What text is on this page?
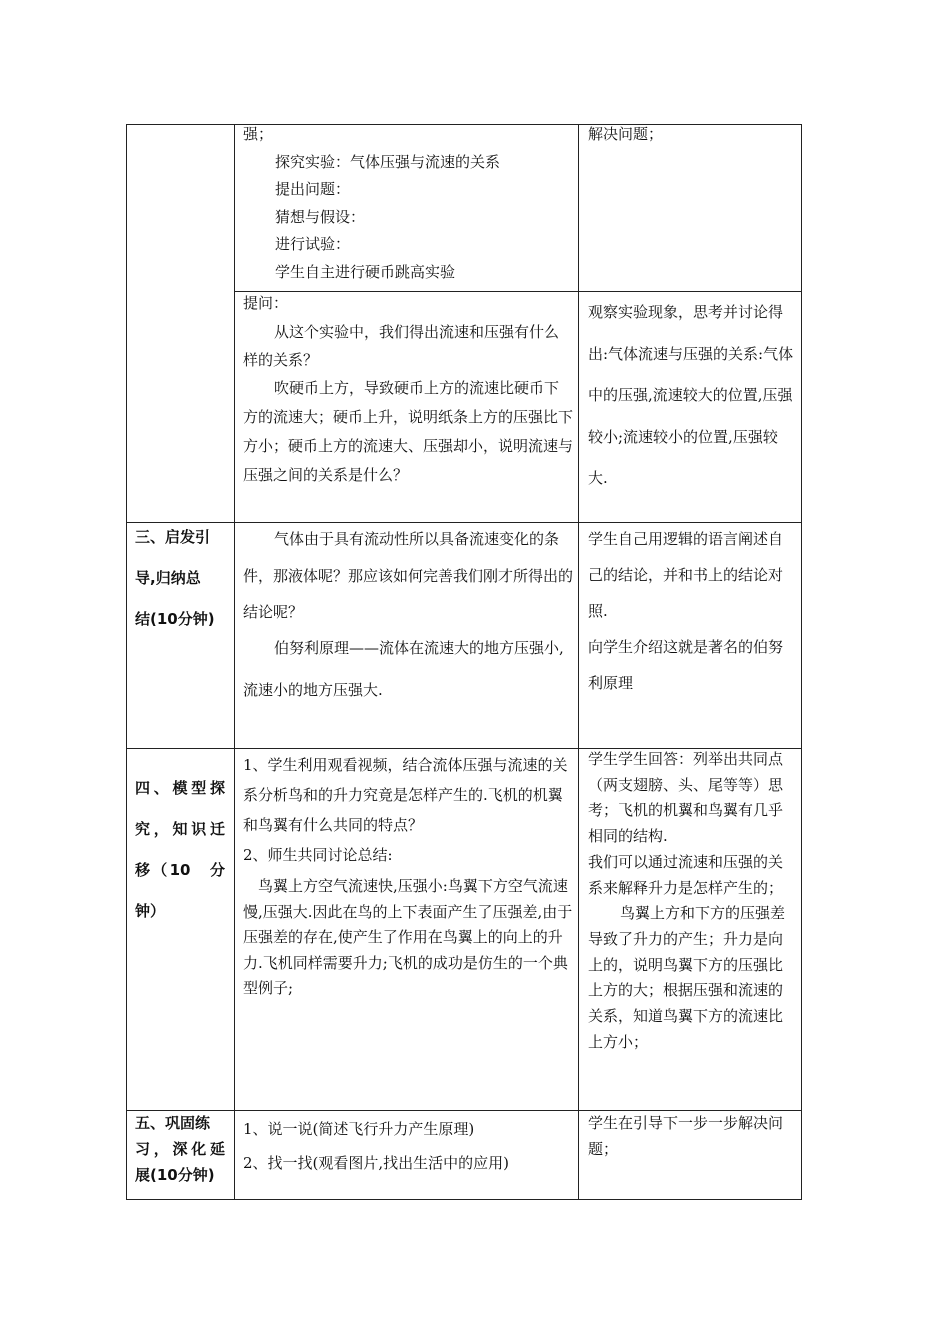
强；

探究实验：气体压强与流速的关系

提出问题：

猜想与假设：

进行试验：

学生自主进行硬币跳高实验

解决问题；

提问：

从这个实验中，我们得出流速和压强有什么样的关系？

吹硬币上方，导致硬币上方的流速比硬币下方的流速大；硬币上升，说明纸条上方的压强比下方小；硬币上方的流速大、压强却小，说明流速与压强之间的关系是什么？

观察实验现象，思考并讨论得出:气体流速与压强的关系:气体中的压强,流速较大的位置,压强较小;流速较小的位置,压强较大.

三、启发引

导,归纳总

结(10分钟)

气体由于具有流动性所以具备流速变化的条件，那液体呢？那应该如何完善我们刚才所得出的结论呢？

伯努利原理——流体在流速大的地方压强小,流速小的地方压强大.

学生自己用逻辑的语言阐述自己的结论，并和书上的结论对照.

向学生介绍这就是著名的伯努利原理

四、模型探

究，知识迁

移（10　分

钟）

1、学生利用观看视频，结合流体压强与流速的关系分析鸟和的升力究竟是怎样产生的.飞机的机翼和鸟翼有什么共同的特点？

2、师生共同讨论总结:

鸟翼上方空气流速快,压强小:鸟翼下方空气流速慢,压强大.因此在鸟的上下表面产生了压强差,由于压强差的存在,使产生了作用在鸟翼上的向上的升力.飞机同样需要升力;飞机的成功是仿生的一个典型例子;

学生学生回答：列举出共同点（两支翅膀、头、尾等等）思考；飞机的机翼和鸟翼有几乎相同的结构.

我们可以通过流速和压强的关系来解释升力是怎样产生的；

鸟翼上方和下方的压强差导致了升力的产生；升力是向上的，说明鸟翼下方的压强比上方的大；根据压强和流速的关系，知道鸟翼下方的流速比上方小；

五、巩固练

习，深化延

展(10分钟)

1、说一说(简述飞行升力产生原理)

2、找一找(观看图片,找出生活中的应用)

学生在引导下一步一步解决问题；
